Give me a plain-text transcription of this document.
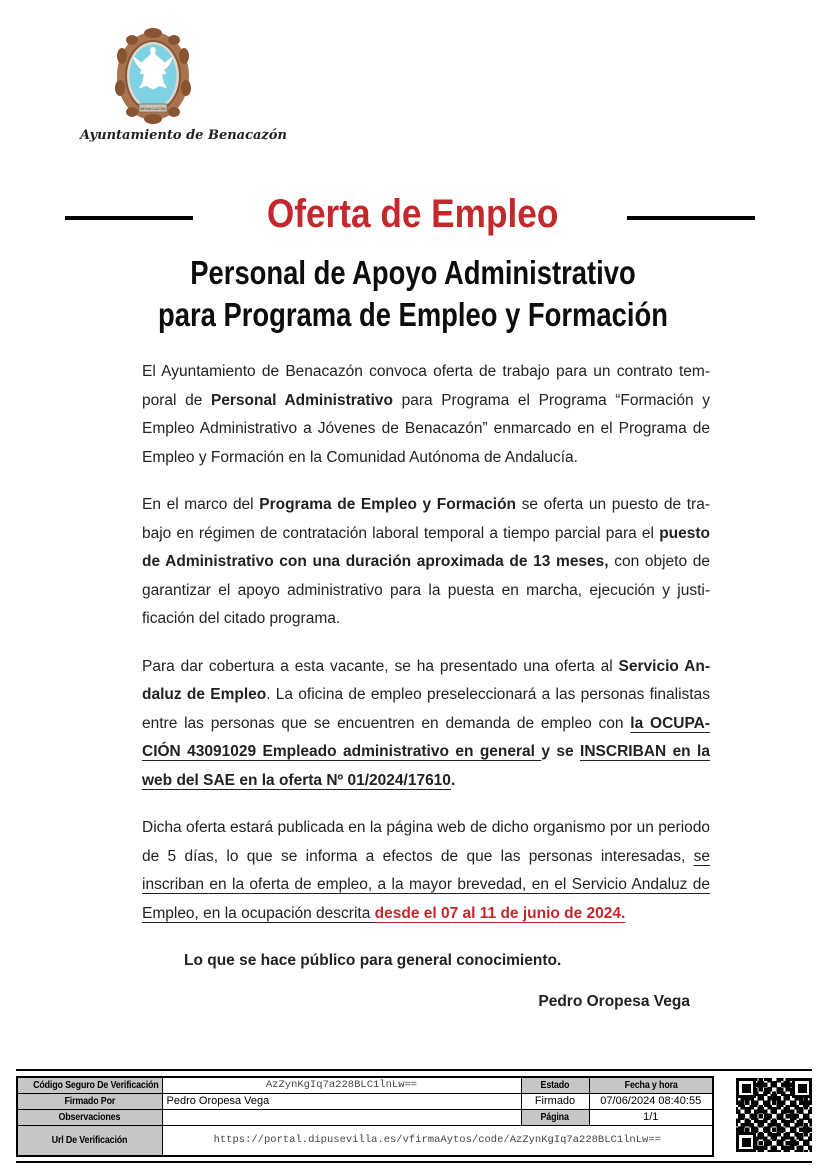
BENACAZÓN
Ayuntamiento de Benacazón
Oferta de Empleo
Personal de Apoyo Administrativo
para Programa de Empleo y Formación

El Ayuntamiento de Benacazón convoca oferta de trabajo para un contrato temporal de Personal Administrativo para Programa el Programa “Formación y Empleo Administrativo a Jóvenes de Benacazón” enmarcado en el Programa de Empleo y Formación en la Comunidad Autónoma de Andalucía.

En el marco del Programa de Empleo y Formación se oferta un puesto de trabajo en régimen de contratación laboral temporal a tiempo parcial para el puesto de Administrativo con una duración aproximada de 13 meses, con objeto de garantizar el apoyo administrativo para la puesta en marcha, ejecución y justificación del citado programa.

Para dar cobertura a esta vacante, se ha presentado una oferta al Servicio Andaluz de Empleo. La oficina de empleo preseleccionará a las personas finalistas entre las personas que se encuentren en demanda de empleo con la OCUPACIÓN 43091029 Empleado administrativo en general y se INSCRIBAN en la web del SAE en la oferta Nº 01/2024/17610.

Dicha oferta estará publicada en la página web de dicho organismo por un periodo de 5 días, lo que se informa a efectos de que las personas interesadas, se inscriban en la oferta de empleo, a la mayor brevedad, en el Servicio Andaluz de Empleo, en la ocupación descrita desde el 07 al 11 de junio de 2024.

Lo que se hace público para general conocimiento.

Pedro Oropesa Vega

Código Seguro De Verificación	AzZynKgIq7a228BLC1lnLw==	Estado	Fecha y hora
Firmado Por	Pedro Oropesa Vega	Firmado	07/06/2024 08:40:55
Observaciones		Página	1/1
Url De Verificación	https://portal.dipusevilla.es/vfirmaAytos/code/AzZynKgIq7a228BLC1lnLw==		
